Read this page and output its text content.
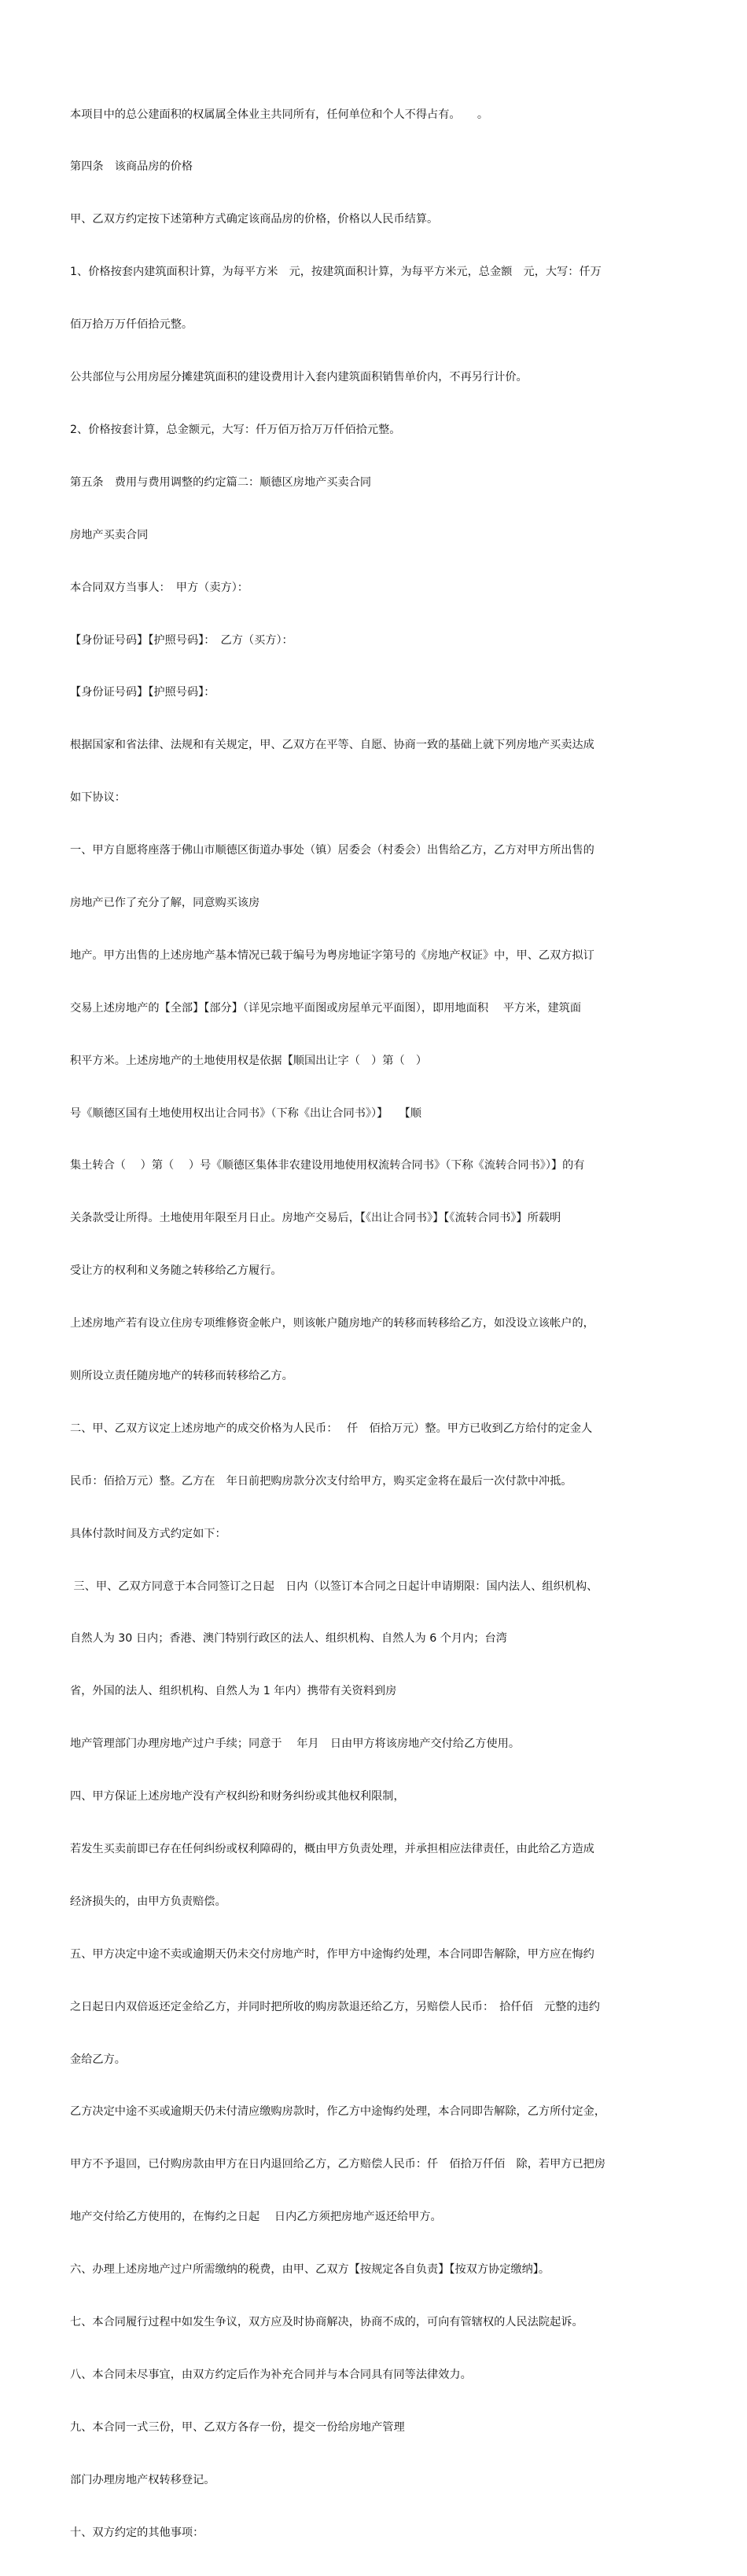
本项目中的总公建面积的权属属全体业主共同所有，任何单位和个人不得占有。　　。

第四条　该商品房的价格

甲、乙双方约定按下述第种方式确定该商品房的价格，价格以人民币结算。

1、价格按套内建筑面积计算，为每平方米　元，按建筑面积计算，为每平方米元，总金额　元，大写：仟万

佰万拾万万仟佰拾元整。

公共部位与公用房屋分摊建筑面积的建设费用计入套内建筑面积销售单价内，不再另行计价。

2、价格按套计算，总金额元，大写：仟万佰万拾万万仟佰拾元整。

第五条　费用与费用调整的约定篇二：顺德区房地产买卖合同

房地产买卖合同

本合同双方当事人：　甲方（卖方）：

【身份证号码】【护照号码】：　乙方（买方）：

【身份证号码】【护照号码】：

根据国家和省法律、法规和有关规定，甲、乙双方在平等、自愿、协商一致的基础上就下列房地产买卖达成

如下协议：

一、甲方自愿将座落于佛山市顺德区街道办事处（镇）居委会（村委会）出售给乙方，乙方对甲方所出售的

房地产已作了充分了解，同意购买该房

地产。甲方出售的上述房地产基本情况已载于编号为粤房地证字第号的《房地产权证》中，甲、乙双方拟订

交易上述房地产的【全部】【部分】（详见宗地平面图或房屋单元平面图），即用地面积　 平方米，建筑面

积平方米。上述房地产的土地使用权是依据【顺国出让字（　）第（　）

号《顺德区国有土地使用权出让合同书》（下称《出让合同书》）】　　【顺

集土转合（　 ）第（　 ）号《顺德区集体非农建设用地使用权流转合同书》（下称《流转合同书》）】的有

关条款受让所得。土地使用年限至月日止。房地产交易后，【《出让合同书》】【《流转合同书》】所载明

受让方的权利和义务随之转移给乙方履行。

上述房地产若有设立住房专项维修资金帐户，则该帐户随房地产的转移而转移给乙方，如没设立该帐户的，

则所设立责任随房地产的转移而转移给乙方。

二、甲、乙双方议定上述房地产的成交价格为人民币：　 仟　佰拾万元）整。甲方已收到乙方给付的定金人

民币：佰拾万元）整。乙方在　年日前把购房款分次支付给甲方，购买定金将在最后一次付款中冲抵。

具体付款时间及方式约定如下：

三、甲、乙双方同意于本合同签订之日起　日内（以签订本合同之日起计申请期限：国内法人、组织机构、

自然人为 30 日内；香港、澳门特别行政区的法人、组织机构、自然人为 6 个月内；台湾

省，外国的法人、组织机构、自然人为 1 年内）携带有关资料到房

地产管理部门办理房地产过户手续；同意于　 年月　日由甲方将该房地产交付给乙方使用。

四、甲方保证上述房地产没有产权纠纷和财务纠纷或其他权利限制，

若发生买卖前即已存在任何纠纷或权利障碍的，概由甲方负责处理，并承担相应法律责任，由此给乙方造成

经济损失的，由甲方负责赔偿。

五、甲方决定中途不卖或逾期天仍未交付房地产时，作甲方中途悔约处理，本合同即告解除，甲方应在悔约

之日起日内双倍返还定金给乙方，并同时把所收的购房款退还给乙方，另赔偿人民币：　拾仟佰　元整的违约

金给乙方。

乙方决定中途不买或逾期天仍未付清应缴购房款时，作乙方中途悔约处理，本合同即告解除，乙方所付定金，

甲方不予退回，已付购房款由甲方在日内退回给乙方，乙方赔偿人民币：仟　佰拾万仟佰　除，若甲方已把房

地产交付给乙方使用的，在悔约之日起　 日内乙方须把房地产返还给甲方。

六、办理上述房地产过户所需缴纳的税费，由甲、乙双方【按规定各自负责】【按双方协定缴纳】。

七、本合同履行过程中如发生争议，双方应及时协商解决，协商不成的，可向有管辖权的人民法院起诉。

八、本合同未尽事宜，由双方约定后作为补充合同并与本合同具有同等法律效力。

九、本合同一式三份，甲、乙双方各存一份，提交一份给房地产管理

部门办理房地产权转移登记。

十、双方约定的其他事项：
